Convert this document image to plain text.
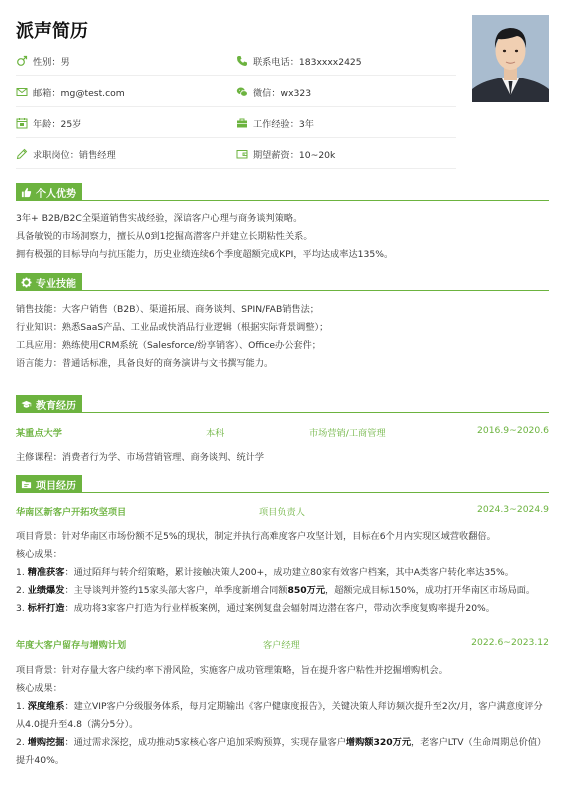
派声简历
性别：男	联系电话：183xxxx2425
邮箱：mg@test.com	微信：wx323
年龄：25岁	工作经验：3年
求职岗位：销售经理	期望薪资：10~20k
个人优势

3年+ B2B/B2C全渠道销售实战经验，深谙客户心理与商务谈判策略。

具备敏锐的市场洞察力，擅长从0到1挖掘高潜客户并建立长期粘性关系。

拥有极强的目标导向与抗压能力，历史业绩连续6个季度超额完成KPI，平均达成率达135%。

专业技能

销售技能：大客户销售（B2B）、渠道拓展、商务谈判、SPIN/FAB销售法；

行业知识：熟悉SaaS产品、工业品或快消品行业逻辑（根据实际背景调整）；

工具应用：熟练使用CRM系统（Salesforce/纷享销客）、Office办公套件；

语言能力：普通话标准，具备良好的商务演讲与文书撰写能力。

教育经历
某重点大学	本科	市场营销/工商管理	2016.9~2020.6

主修课程：消费者行为学、市场营销管理、商务谈判、统计学

项目经历
华南区新客户开拓攻坚项目	项目负责人	2024.3~2024.9

项目背景：针对华南区市场份额不足5%的现状，制定并执行高难度客户攻坚计划，目标在6个月内实现区域营收翻倍。

核心成果：

1. 精准获客：通过陌拜与转介绍策略，累计接触决策人200+，成功建立80家有效客户档案，其中A类客户转化率达35%。

2. 业绩爆发：主导谈判并签约15家头部大客户，单季度新增合同额850万元，超额完成目标150%，成功打开华南区市场局面。

3. 标杆打造：成功将3家客户打造为行业样板案例，通过案例复盘会辐射周边潜在客户，带动次季度复购率提升20%。

年度大客户留存与增购计划	客户经理	2022.6~2023.12

项目背景：针对存量大客户续约率下滑风险，实施客户成功管理策略，旨在提升客户粘性并挖掘增购机会。

核心成果：

1. 深度维系：建立VIP客户分级服务体系，每月定期输出《客户健康度报告》，关键决策人拜访频次提升至2次/月，客户满意度评分从4.0提升至4.8（满分5分）。

2. 增购挖掘：通过需求深挖，成功推动5家核心客户追加采购预算，实现存量客户增购额320万元，老客户LTV（生命周期总价值）提升40%。
